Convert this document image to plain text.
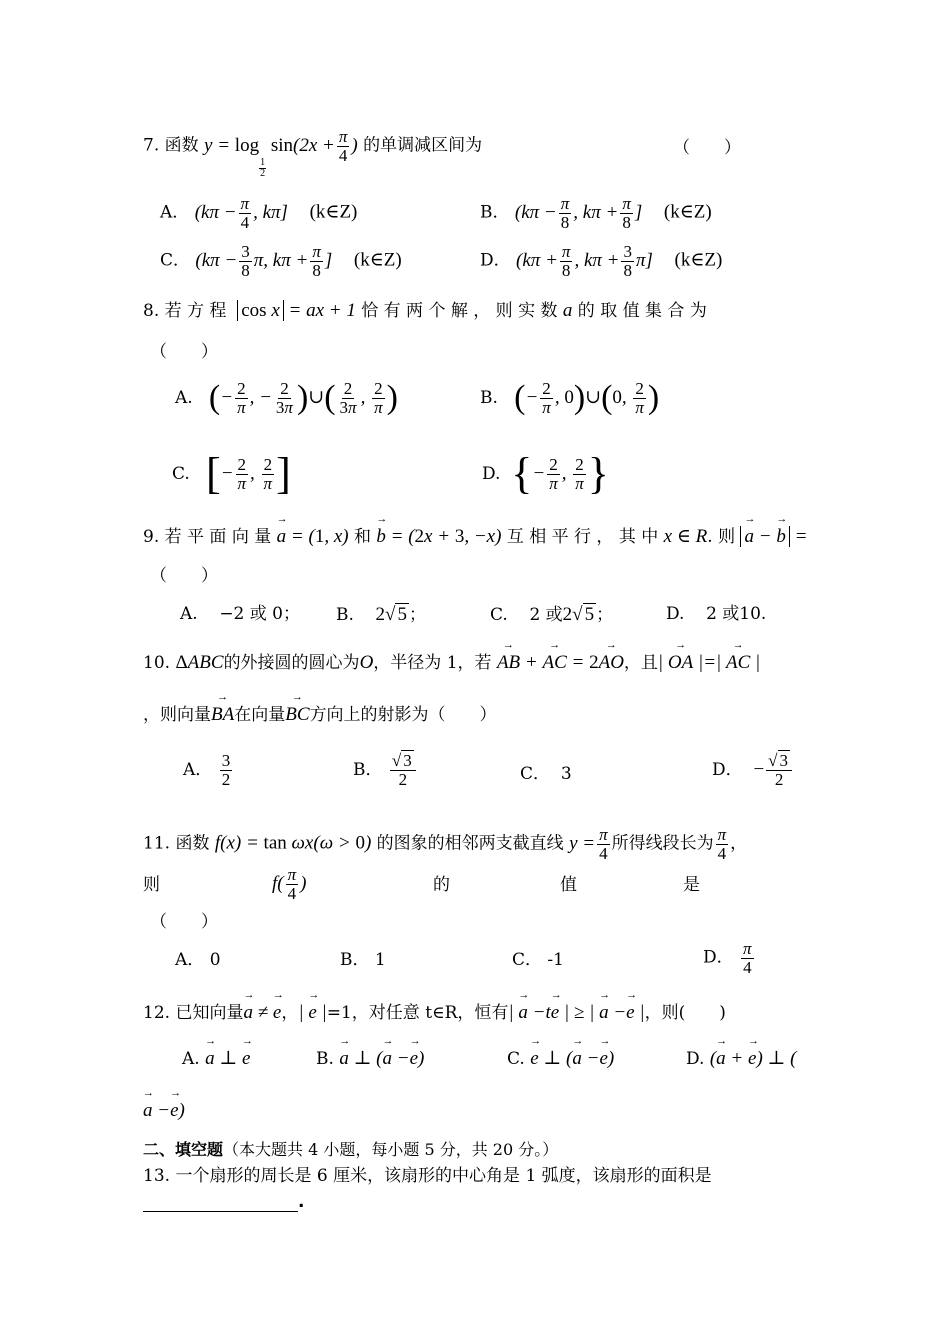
7. 函数 y = log
$\frac{1}{2}$
$\sin(2x + \frac{\pi}{4}$ ) 的单调减区间为	（　　）
A． ($k\pi - \frac{\pi}{4}$ , kπ] (k∈Z)	B． ($k\pi - \frac{\pi}{8}$ , $k\pi + \frac{\pi}{8}$ ] (k∈Z)
C． ($k\pi - \frac{3}{8} \pi$, $k\pi + \frac{\pi}{8}$ ] (k∈Z)	D． ($k\pi + \frac{\pi}{8}$ , $k\pi + \frac{3}{8} \pi$] (k∈Z)
8. 若 方 程 cos x = ax + 1 恰 有 两 个 解 ， 则 实 数 a 的 取 值 集 合 为
（　　）
A. (− $\frac{2}{\pi}$ , − $\frac{2}{3\pi}$ )∪( $\frac{2}{3\pi}$ , $\frac{2}{\pi}$ )	B. (− $\frac{2}{\pi}$ , 0)∪(0, $\frac{2}{\pi}$ )
C. [− $\frac{2}{\pi}$ , $\frac{2}{\pi}$ ]	D. {− $\frac{2}{\pi}$ , $\frac{2}{\pi}$ }
9. 若 平 面 向 量 → a = (1, x) 和 → b = (2x + 3, −x) 互 相 平 行 ， 其 中 x ∈ R. 则 → a − → b =
（　　）
A. −2 或 0； B. 2√ 5 ；	C. 2 或2√ 5 ；	D. 2 或10.
10. ΔABC的外接圆的圆心为O，半径为 1，若 → AB + → AC = 2→ AO，且| → OA |=| → AC |
，则向量→ BA在向量→ BC方向上的射影为（　　）
A． $\frac{3}{2}$	B． $\frac{√ 3}{2}$	C． 3	D． − $\frac{√ 3}{2}$
11. 函数 f(x) = tan ωx(ω > 0) 的图象的相邻两支截直线 $y = \frac{\pi}{4}$ 所得线段长为 $\frac{\pi}{4}$ ，
则	$f( \frac{\pi}{4}$ )	的	值	是
（　　）
A． 0	B． 1	C． -1	D． $\frac{\pi}{4}$
12. 已知向量→ a ≠ → e，| → e |=1，对任意 t∈R，恒有| → a −t→ e | ≥ | → a −→ e |，则(　　)
A. → a ⊥ → e	B. → a ⊥ (→ a −→ e)	C. → e ⊥ (→ a −→ e)	D. (→ a + → e) ⊥ (
→ a −→ e)
二、填空题（本大题共 4 小题，每小题 5 分，共 20 分。）
13. 一个扇形的周长是 6 厘米，该扇形的中心角是 1 弧度，该扇形的面积是
.
